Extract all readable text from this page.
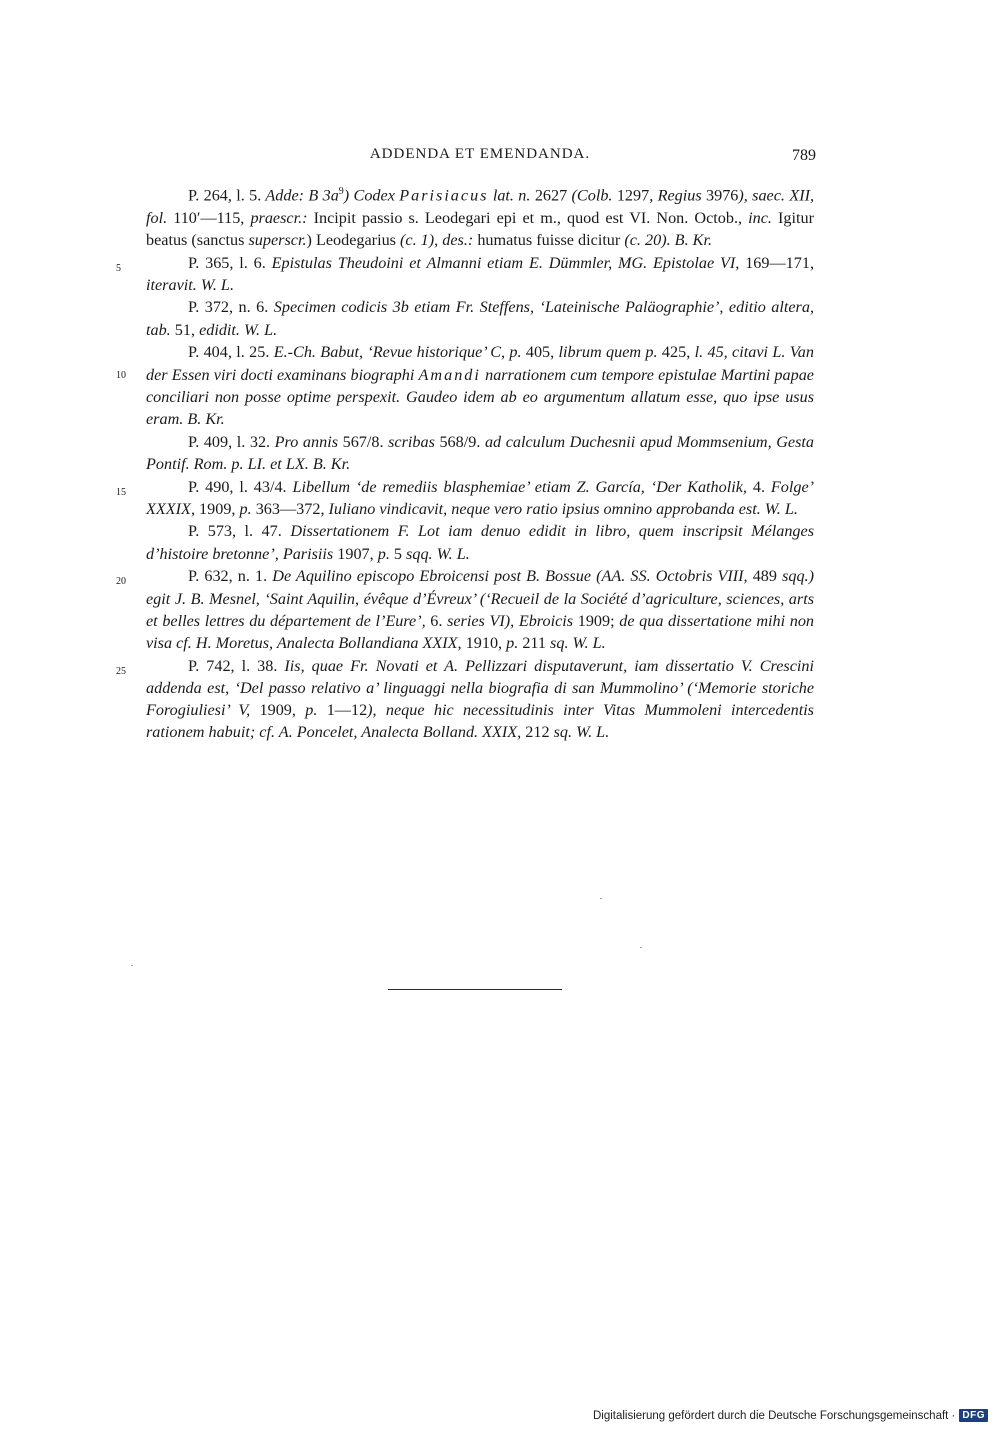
ADDENDA ET EMENDANDA.	789

P. 264, l. 5. Adde: B $3a^9$) Codex Parisiacus lat. n. 2627 (Colb. 1297, Regius 3976), saec. XII, fol. 110′—115, praescr.: Incipit passio s. Leodegari epi et m., quod est VI. Non. Octob., inc. Igitur beatus (sanctus superscr.) Leodegarius (c. 1), des.: humatus fuisse dicitur (c. 20). B. Kr.

5	P. 365, l. 6. Epistulas Theudoini et Almanni etiam E. Dümmler, MG. Epistolae VI, 169—171, iteravit. W. L.

P. 372, n. 6. Specimen codicis 3b etiam Fr. Steffens, ‘Lateinische Paläographie’, editio altera, tab. 51, edidit. W. L.

10
P. 404, l. 25. E.-Ch. Babut, ‘Revue historique’ C, p. 405, librum quem p. 425, l. 45, citavi L. Van der Essen viri docti examinans biographi Amandi narrationem cum tempore epistulae Martini papae conciliari non posse optime perspexit. Gaudeo idem ab eo argumentum allatum esse, quo ipse usus eram. B. Kr.

P. 409, l. 32. Pro annis 567/8. scribas 568/9. ad calculum Duchesnii apud Mommsenium, Gesta Pontif. Rom. p. LI. et LX. B. Kr.

15	P. 490, l. 43/4. Libellum ‘de remediis blasphemiae’ etiam Z. García, ‘Der Katholik, 4. Folge’ XXXIX, 1909, p. 363—372, Iuliano vindicavit, neque vero ratio ipsius omnino approbanda est. W. L.

P. 573, l. 47. Dissertationem F. Lot iam denuo edidit in libro, quem inscripsit Mélanges d’histoire bretonne’, Parisiis 1907, p. 5 sqq. W. L.

20	P. 632, n. 1. De Aquilino episcopo Ebroicensi post B. Bossue (AA. SS. Octobris VIII, 489 sqq.) egit J. B. Mesnel, ‘Saint Aquilin, évêque d’Évreux’ (‘Recueil de la Société d’agriculture, sciences, arts et belles lettres du département de l’Eure’, 6. series VI), Ebroicis 1909; de qua dissertatione mihi non visa cf. H. Moretus, Analecta Bollandiana XXIX, 1910, p. 211 sq. W. L.

25	P. 742, l. 38. Iis, quae Fr. Novati et A. Pellizzari disputaverunt, iam dissertatio V. Crescini addenda est, ‘Del passo relativo a’ linguaggi nella biografia di san Mummolino’ (‘Memorie storiche Forogiuliesi’ V, 1909, p. 1—12), neque hic necessitudinis inter Vitas Mummoleni intercedentis rationem habuit; cf. A. Poncelet, Analecta Bolland. XXIX, 212 sq. W. L.

Digitalisierung gefördert durch die Deutsche Forschungsgemeinschaft · DFG
